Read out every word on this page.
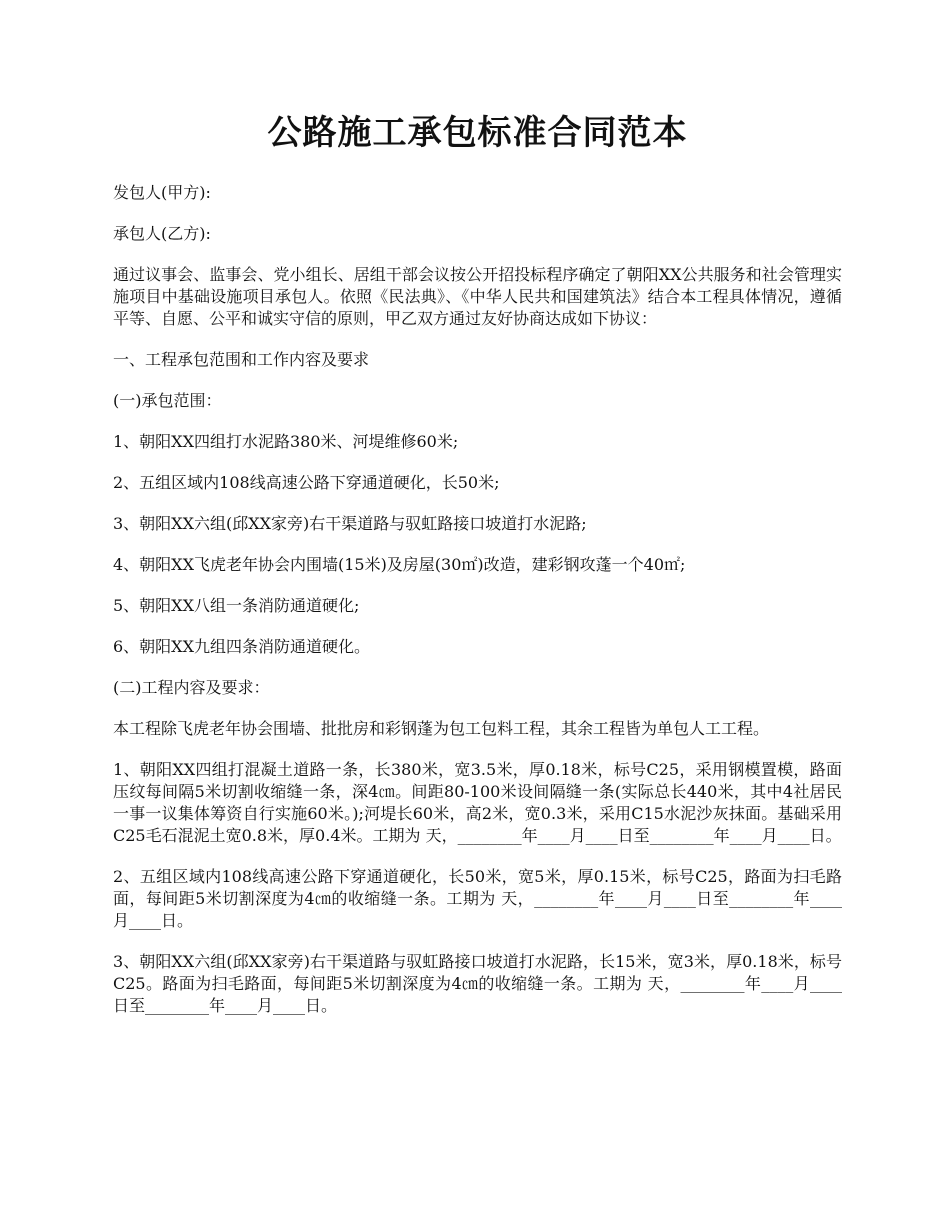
公路施工承包标准合同范本

发包人(甲方):

承包人(乙方):

通过议事会、监事会、党小组长、居组干部会议按公开招投标程序确定了朝阳XX公共服务和社会管理实施项目中基础设施项目承包人。依照《民法典》、《中华人民共和国建筑法》结合本工程具体情况，遵循平等、自愿、公平和诚实守信的原则，甲乙双方通过友好协商达成如下协议：

一、工程承包范围和工作内容及要求

(一)承包范围：

1、朝阳XX四组打水泥路380米、河堤维修60米;

2、五组区域内108线高速公路下穿通道硬化，长50米;

3、朝阳XX六组(邱XX家旁)右干渠道路与驭虹路接口坡道打水泥路;

4、朝阳XX飞虎老年协会内围墙(15米)及房屋(30㎡)改造，建彩钢攻蓬一个40㎡;

5、朝阳XX八组一条消防通道硬化;

6、朝阳XX九组四条消防通道硬化。

(二)工程内容及要求：

本工程除飞虎老年协会围墙、批批房和彩钢蓬为包工包料工程，其余工程皆为单包人工工程。

1、朝阳XX四组打混凝土道路一条，长380米，宽3.5米，厚0.18米，标号C25，采用钢模置模，路面压纹每间隔5米切割收缩缝一条，深4㎝。间距80-100米设间隔缝一条(实际总长440米，其中4社居民一事一议集体筹资自行实施60米。);河堤长60米，高2米，宽0.3米，采用C15水泥沙灰抹面。基础采用C25毛石混泥土宽0.8米，厚0.4米。工期为 天，________年____月____日至________年____月____日。

2、五组区域内108线高速公路下穿通道硬化，长50米，宽5米，厚0.15米，标号C25，路面为扫毛路面，每间距5米切割深度为4㎝的收缩缝一条。工期为 天，________年____月____日至________年____月____日。

3、朝阳XX六组(邱XX家旁)右干渠道路与驭虹路接口坡道打水泥路，长15米，宽3米，厚0.18米，标号C25。路面为扫毛路面，每间距5米切割深度为4㎝的收缩缝一条。工期为 天，________年____月____日至________年____月____日。
